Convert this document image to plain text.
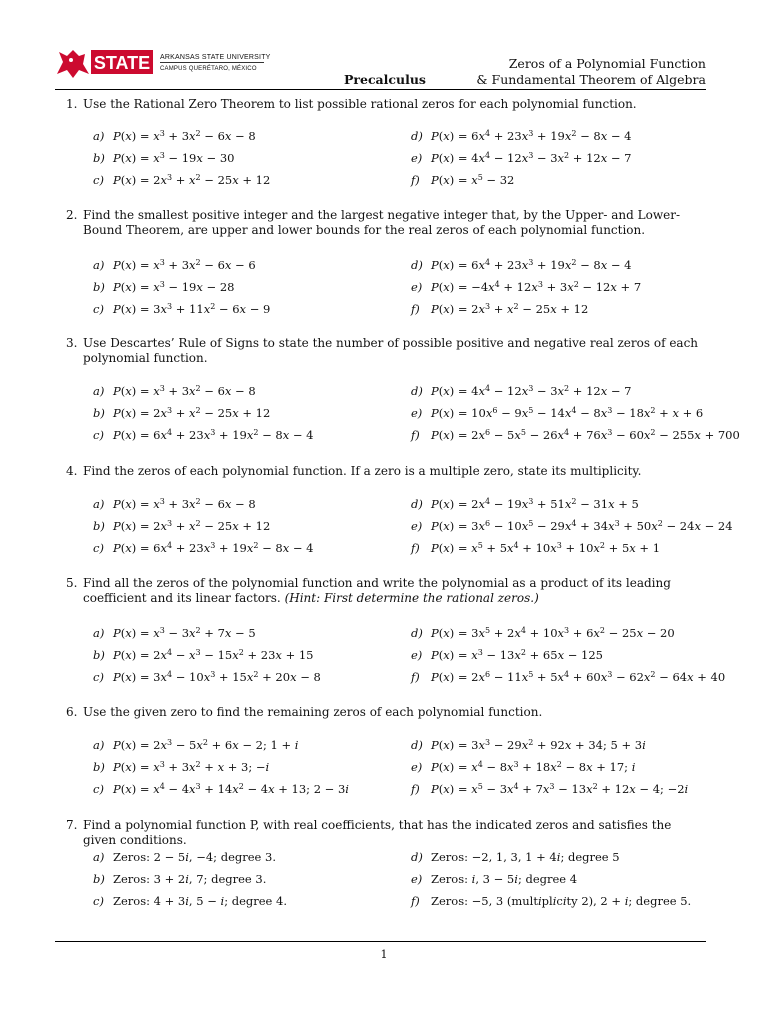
STATE ARKANSAS STATE UNIVERSITY
CAMPUS QUERÉTARO, MÉXICO
Precalculus
Zeros of a Polynomial Function
& Fundamental Theorem of Algebra
1. Use the Rational Zero Theorem to list possible rational zeros for each polynomial function.
a) $P(x) = x^3 + 3x^2 - 6x - 8$
b) $P(x) = x^3 - 19x - 30$
c) $P(x) = 2x^3 + x^2 - 25x + 12$
d) $P(x) = 6x^4 + 23x^3 + 19x^2 - 8x - 4$
e) $P(x) = 4x^4 - 12x^3 - 3x^2 + 12x - 7$
f) $P(x) = x^5 - 32$
2. Find the smallest positive integer and the largest negative integer that, by the Upper- and Lower-Bound Theorem, are upper and lower bounds for the real zeros of each polynomial function.
a) $P(x) = x^3 + 3x^2 - 6x - 6$
b) $P(x) = x^3 - 19x - 28$
c) $P(x) = 3x^3 + 11x^2 - 6x - 9$
d) $P(x) = 6x^4 + 23x^3 + 19x^2 - 8x - 4$
e) $P(x) = -4x^4 + 12x^3 + 3x^2 - 12x + 7$
f) $P(x) = 2x^3 + x^2 - 25x + 12$
3. Use Descartes’ Rule of Signs to state the number of possible positive and negative real zeros of each polynomial function.
a) $P(x) = x^3 + 3x^2 - 6x - 8$
b) $P(x) = 2x^3 + x^2 - 25x + 12$
c) $P(x) = 6x^4 + 23x^3 + 19x^2 - 8x - 4$
d) $P(x) = 4x^4 - 12x^3 - 3x^2 + 12x - 7$
e) $P(x) = 10x^6 - 9x^5 - 14x^4 - 8x^3 - 18x^2 + x + 6$
f) $P(x) = 2x^6 - 5x^5 - 26x^4 + 76x^3 - 60x^2 - 255x + 700$
4. Find the zeros of each polynomial function. If a zero is a multiple zero, state its multiplicity.
a) $P(x) = x^3 + 3x^2 - 6x - 8$
b) $P(x) = 2x^3 + x^2 - 25x + 12$
c) $P(x) = 6x^4 + 23x^3 + 19x^2 - 8x - 4$
d) $P(x) = 2x^4 - 19x^3 + 51x^2 - 31x + 5$
e) $P(x) = 3x^6 - 10x^5 - 29x^4 + 34x^3 + 50x^2 - 24x - 24$
f) $P(x) = x^5 + 5x^4 + 10x^3 + 10x^2 + 5x + 1$
5. Find all the zeros of the polynomial function and write the polynomial as a product of its leading coefficient and its linear factors. (Hint: First determine the rational zeros.)
a) $P(x) = x^3 - 3x^2 + 7x - 5$
b) $P(x) = 2x^4 - x^3 - 15x^2 + 23x + 15$
c) $P(x) = 3x^4 - 10x^3 + 15x^2 + 20x - 8$
d) $P(x) = 3x^5 + 2x^4 + 10x^3 + 6x^2 - 25x - 20$
e) $P(x) = x^3 - 13x^2 + 65x - 125$
f) $P(x) = 2x^6 - 11x^5 + 5x^4 + 60x^3 - 62x^2 - 64x + 40$
6. Use the given zero to find the remaining zeros of each polynomial function.
a) $P(x) = 2x^3 - 5x^2 + 6x - 2$; 1 + i
b) $P(x) = x^3 + 3x^2 + x + 3$; −i
c) $P(x) = x^4 - 4x^3 + 14x^2 - 4x + 13$; 2 − 3i
d) $P(x) = 3x^3 - 29x^2 + 92x + 34$; 5 + 3i
e) $P(x) = x^4 - 8x^3 + 18x^2 - 8x + 17$; i
f) $P(x) = x^5 - 3x^4 + 7x^3 - 13x^2 + 12x - 4$; −2i
7. Find a polynomial function P, with real coefficients, that has the indicated zeros and satisfies the given conditions.
a) Zeros: 2 − 5i, −4; degree 3.
b) Zeros: 3 + 2i, 7; degree 3.
c) Zeros: 4 + 3i, 5 − i; degree 4.
d) Zeros: −2, 1, 3, 1 + 4i; degree 5
e) Zeros: i, 3 − 5i; degree 4
f) Zeros: −5, 3 (multiplicity 2), 2 + i; degree 5.
1
